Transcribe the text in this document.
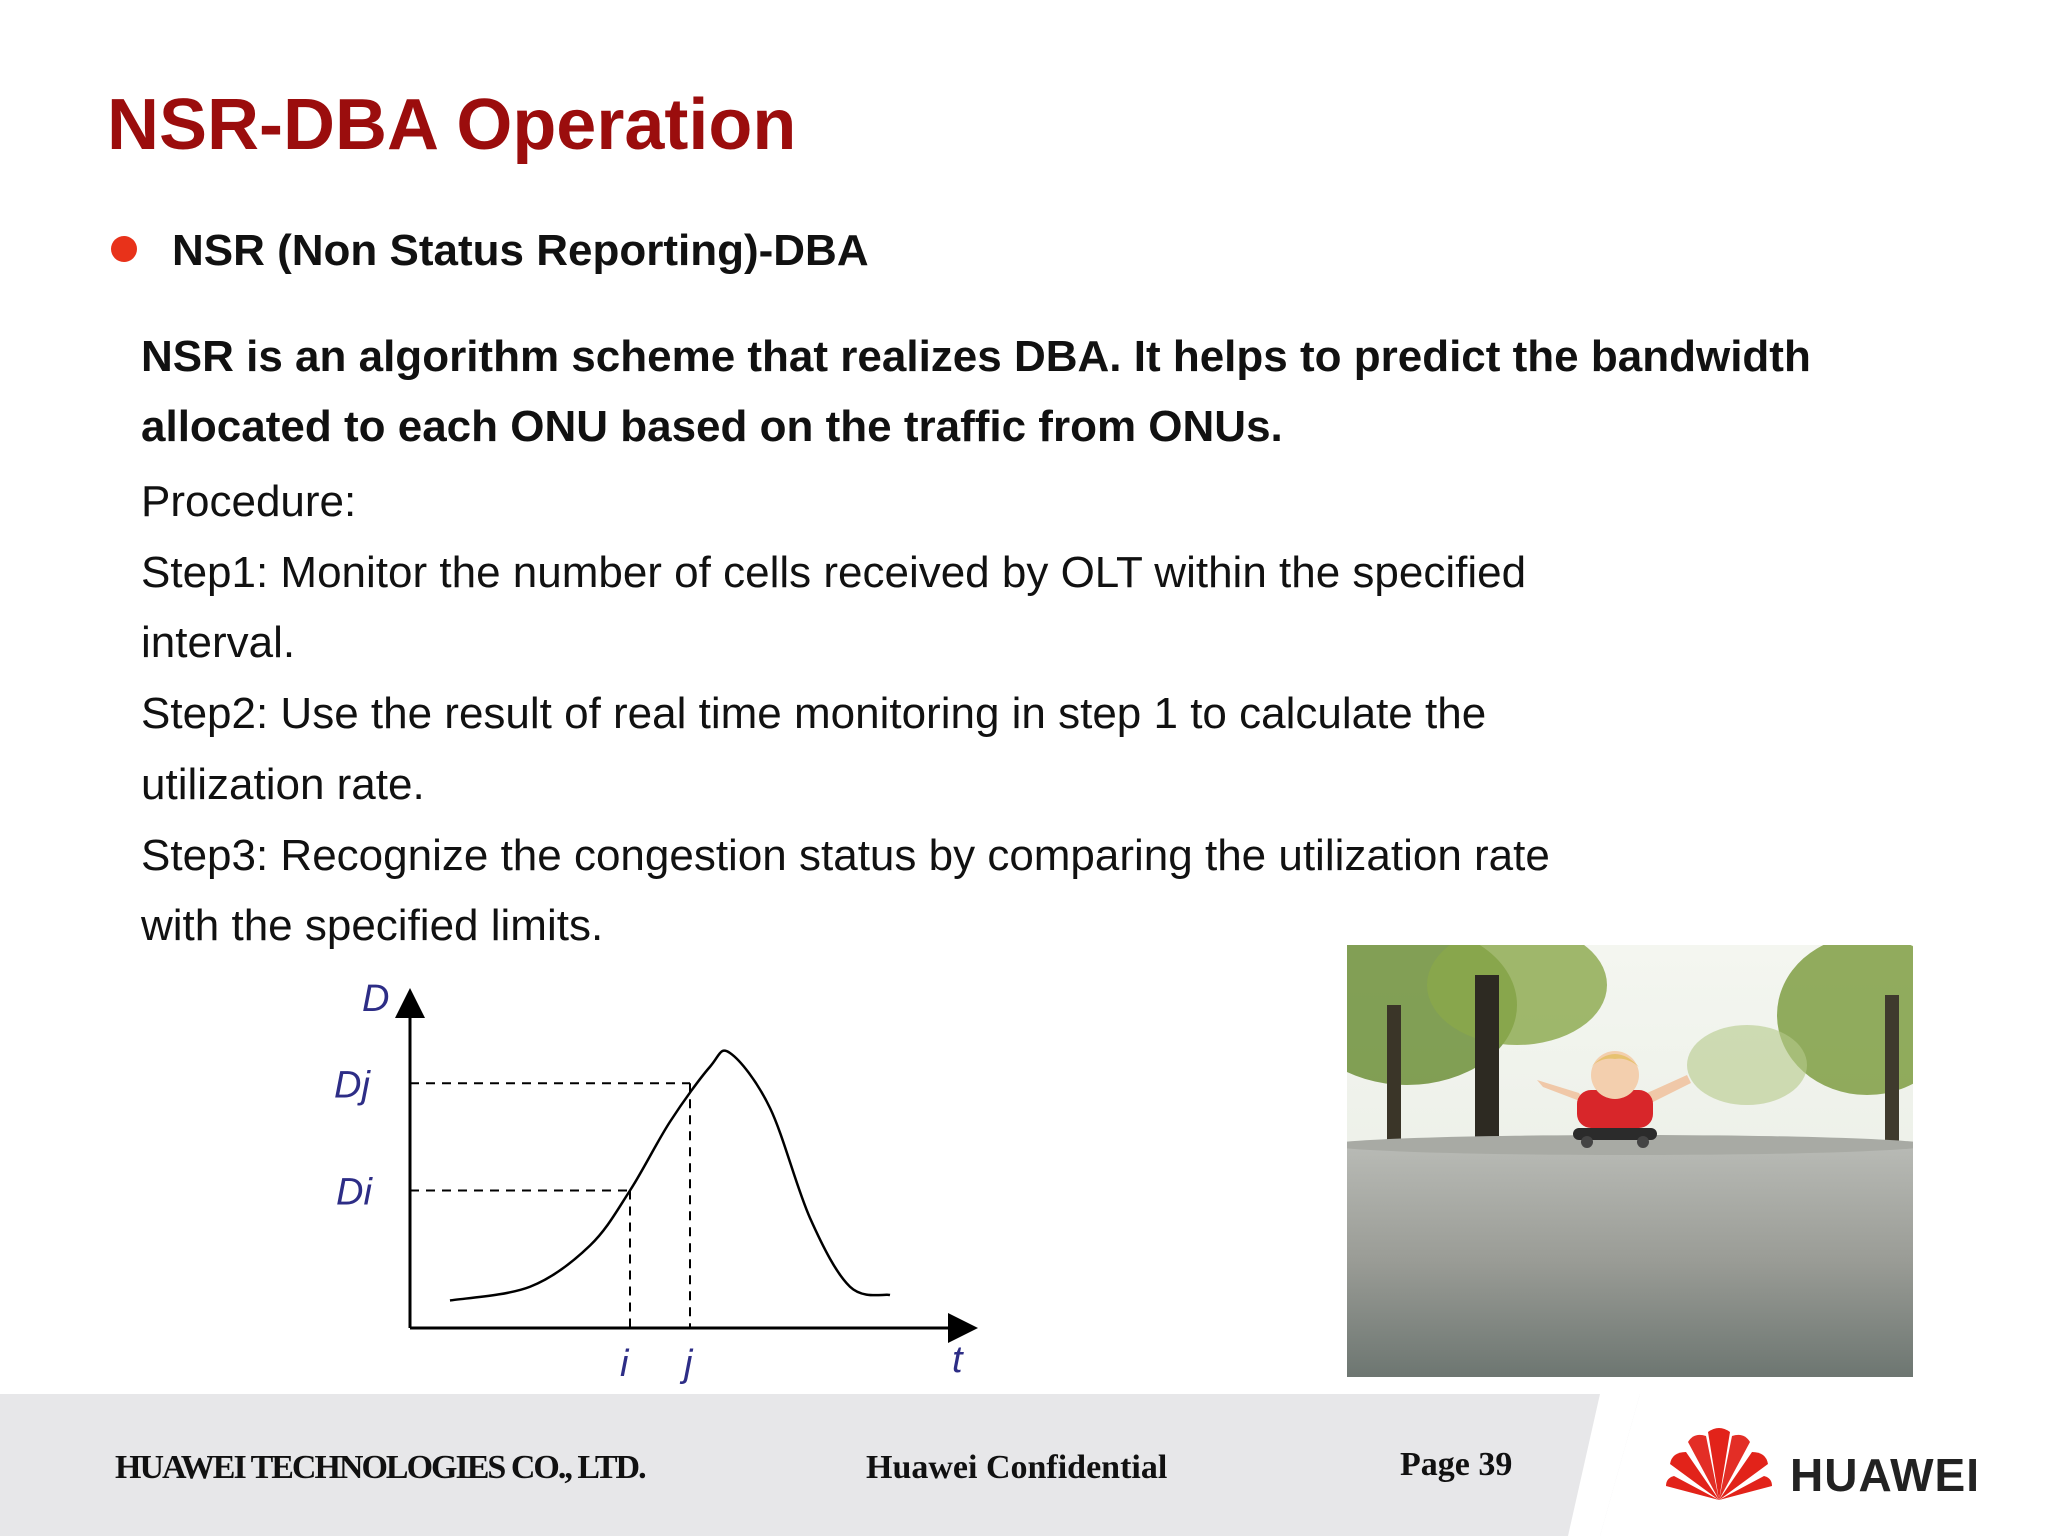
NSR-DBA Operation
NSR (Non Status Reporting)-DBA

NSR is an algorithm scheme that realizes DBA. It helps to predict the bandwidth

allocated to each ONU based on the traffic from ONUs.

Procedure:

Step1: Monitor the number of cells received by OLT within the specified

interval.

Step2: Use the result of real time monitoring in step 1 to calculate the

utilization rate.

Step3: Recognize the congestion status by comparing the utilization rate

with the specified limits.

D
Dj
Di
i j	t
HUAWEI TECHNOLOGIES CO., LTD.	Huawei Confidential	Page 39	HUAWEI
